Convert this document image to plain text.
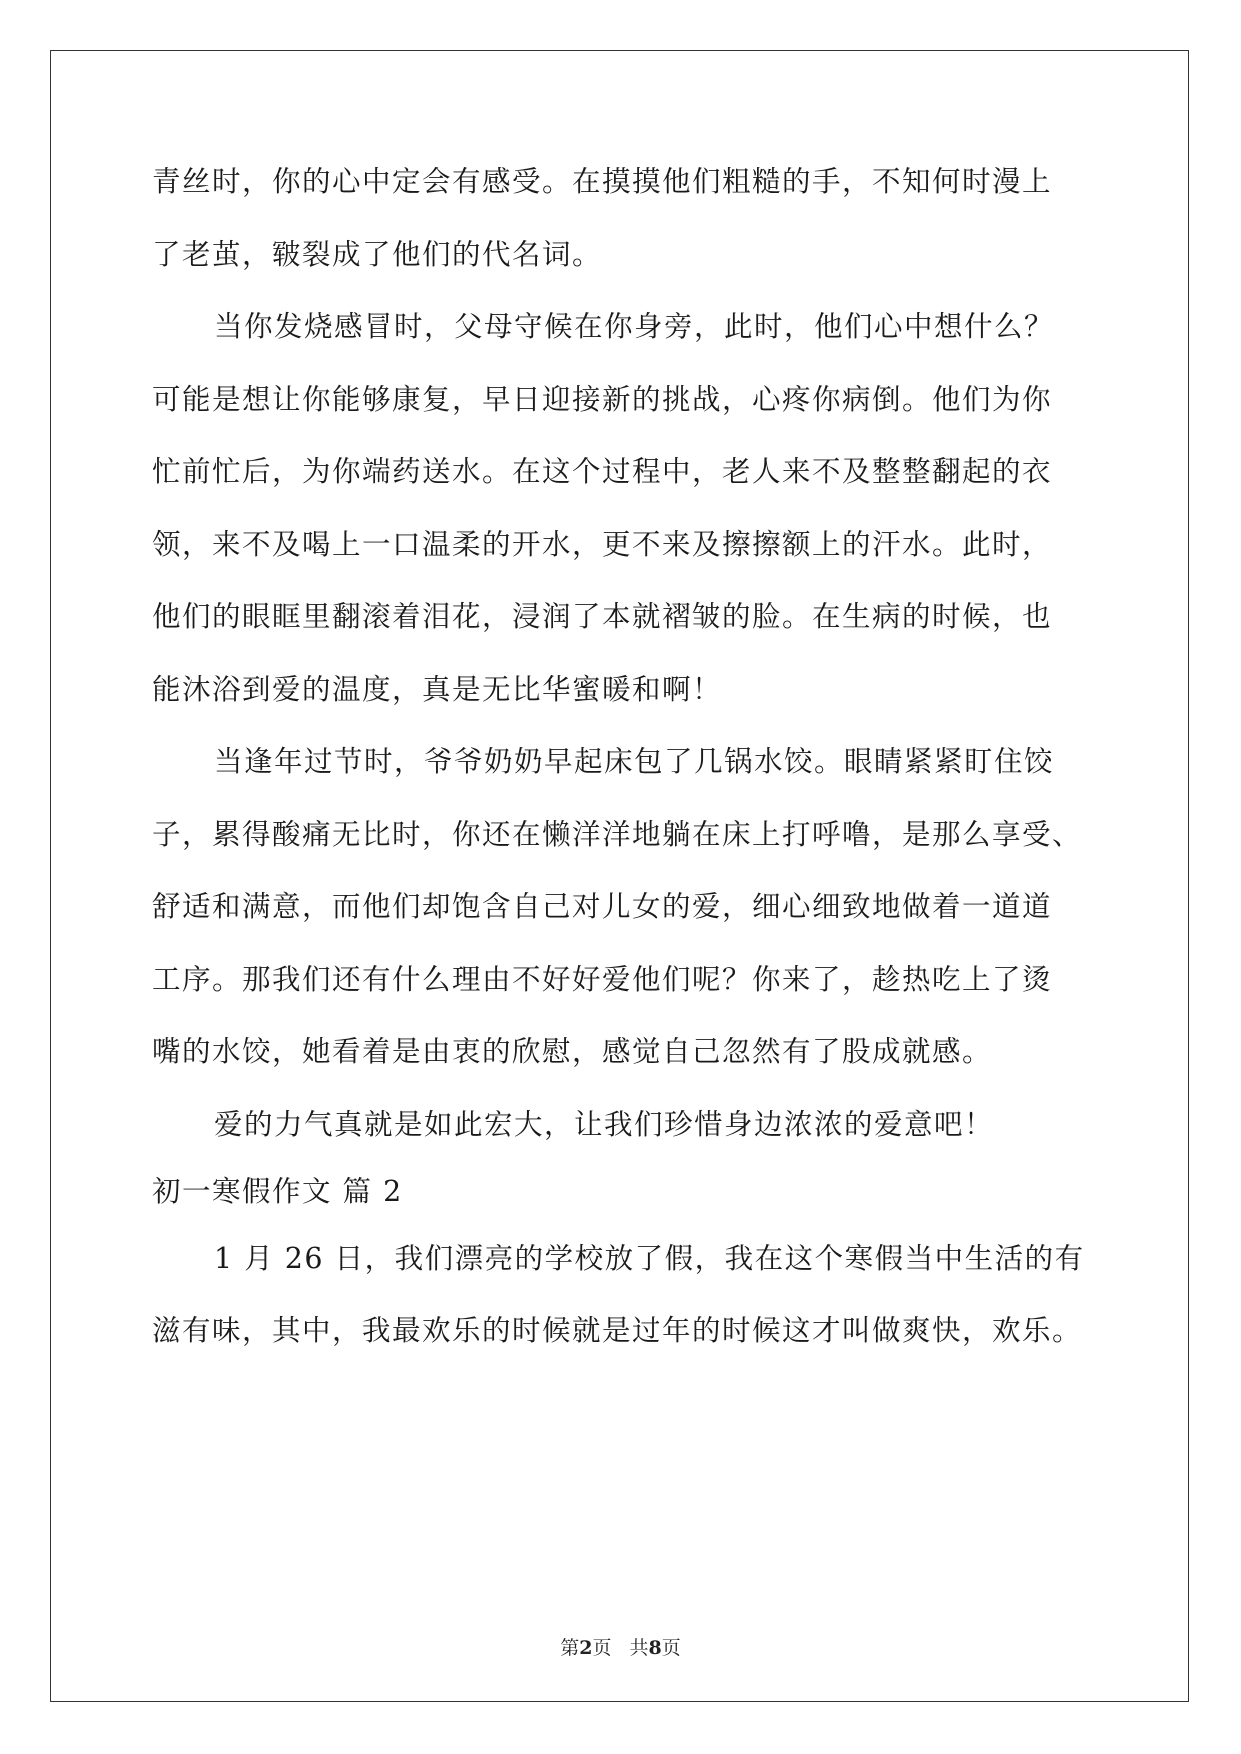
青丝时，你的心中定会有感受。在摸摸他们粗糙的手，不知何时漫上
了老茧，皲裂成了他们的代名词。
当你发烧感冒时，父母守候在你身旁，此时，他们心中想什么？
可能是想让你能够康复，早日迎接新的挑战，心疼你病倒。他们为你
忙前忙后，为你端药送水。在这个过程中，老人来不及整整翻起的衣
领，来不及喝上一口温柔的开水，更不来及擦擦额上的汗水。此时，
他们的眼眶里翻滚着泪花，浸润了本就褶皱的脸。在生病的时候，也
能沐浴到爱的温度，真是无比华蜜暖和啊！
当逢年过节时，爷爷奶奶早起床包了几锅水饺。眼睛紧紧盯住饺
子，累得酸痛无比时，你还在懒洋洋地躺在床上打呼噜，是那么享受、
舒适和满意，而他们却饱含自己对儿女的爱，细心细致地做着一道道
工序。那我们还有什么理由不好好爱他们呢？你来了，趁热吃上了烫
嘴的水饺，她看着是由衷的欣慰，感觉自己忽然有了股成就感。
爱的力气真就是如此宏大，让我们珍惜身边浓浓的爱意吧！
初一寒假作文 篇 2
1 月 26 日，我们漂亮的学校放了假，我在这个寒假当中生活的有
滋有味，其中，我最欢乐的时候就是过年的时候这才叫做爽快，欢乐。
第2页 共8页
